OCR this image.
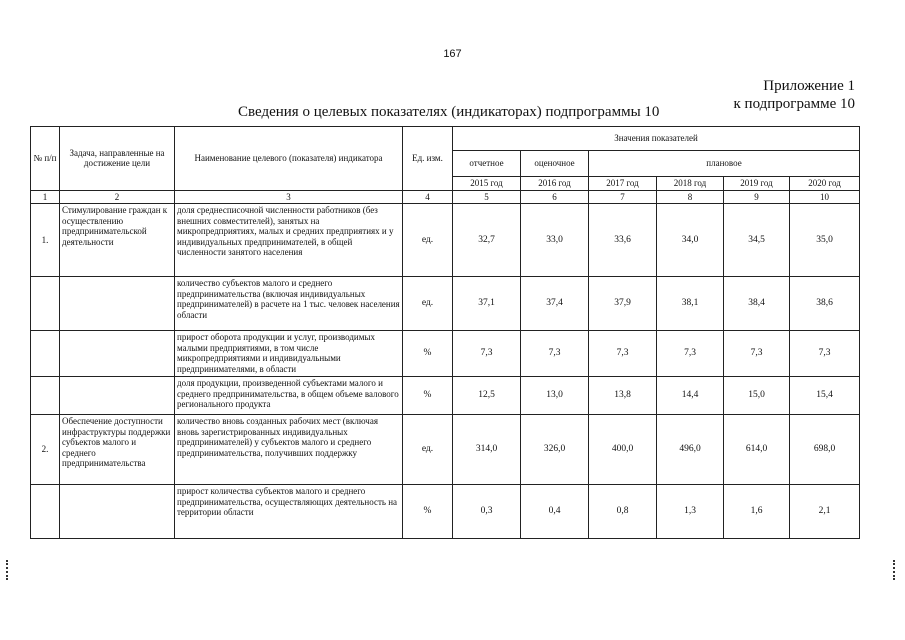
167
Приложение 1
к подпрограмме 10
Сведения о целевых показателях (индикаторах) подпрограммы 10
№ п/п	Задача, направленные на достижение цели	Наименование целевого (показателя) индикатора	Ед. изм.	Значения показателей					
				отчетное	оценочное	плановое			
				2015 год	2016 год	2017 год	2018 год	2019 год	2020 год
1	2	3	4	5	6	7	8	9	10
1.	Стимулирование граждан к осуществлению предпринимательской деятельности	доля среднесписочной численности работников (без внешних совместителей), занятых на микропредприятиях, малых и средних предприятиях и у индивидуальных предпринимателей, в общей численности занятого населения	ед.	32,7	33,0	33,6	34,0	34,5	35,0
		количество субъектов малого и среднего предпринимательства (включая индивидуальных предпринимателей) в расчете на 1 тыс. человек населения области	ед.	37,1	37,4	37,9	38,1	38,4	38,6
		прирост оборота продукции и услуг, производимых малыми предприятиями, в том числе микропредприятиями и индивидуальными предпринимателями, в области	%	7,3	7,3	7,3	7,3	7,3	7,3
		доля продукции, произведенной субъектами малого и среднего предпринимательства, в общем объеме валового регионального продукта	%	12,5	13,0	13,8	14,4	15,0	15,4
2.	Обеспечение доступности инфраструктуры поддержки субъектов малого и среднего предпринимательства	количество вновь созданных рабочих мест (включая вновь зарегистрированных индивидуальных предпринимателей) у субъектов малого и среднего предпринимательства, получивших поддержку	ед.	314,0	326,0	400,0	496,0	614,0	698,0
		прирост количества субъектов малого и среднего предпринимательства, осуществляющих деятельность на территории области	%	0,3	0,4	0,8	1,3	1,6	2,1
